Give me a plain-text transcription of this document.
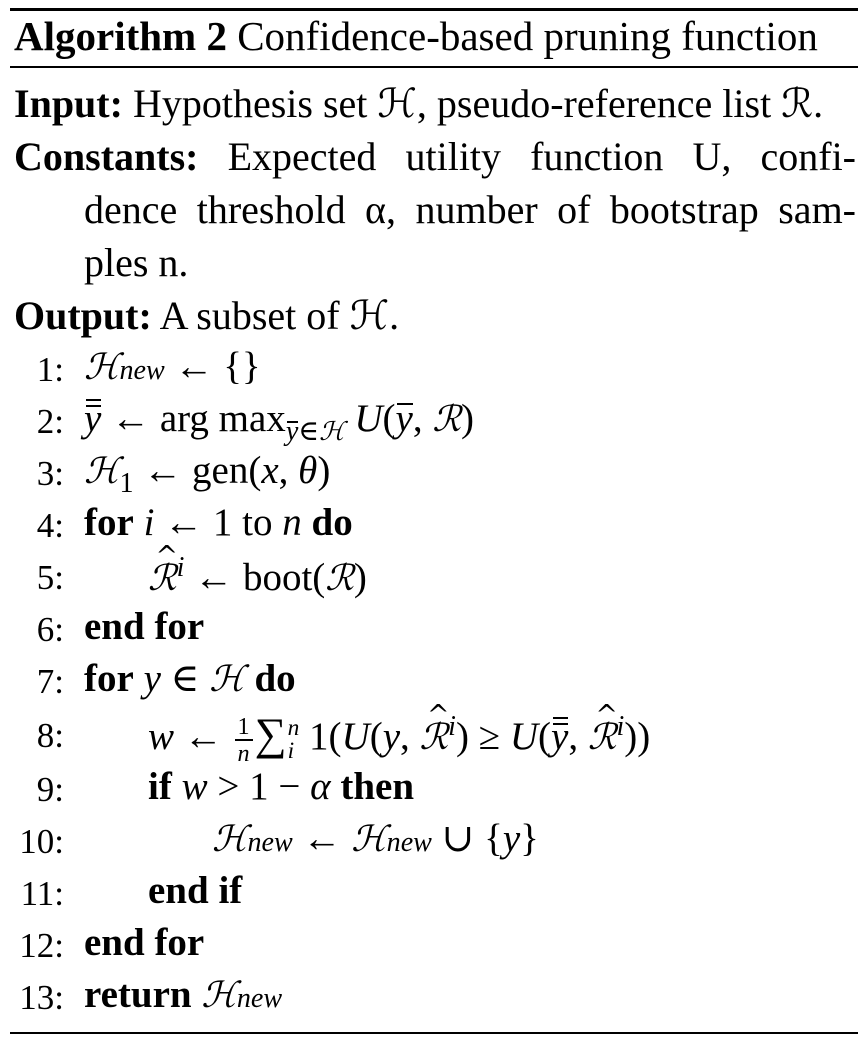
Algorithm 2 Confidence-based pruning function
Input: Hypothesis set ℋ, pseudo-reference list ℛ.
Constants: Expected utility function U, confi-
dence threshold α, number of bootstrap sam-
ples n.
Output: A subset of ℋ.
1: ℋnew ← {}
2: y ← arg $\max_{y\in ℋ} U(y$, ℛ)
3: ℋ$_1$ ← gen(x, θ)
4: for i ← 1 to n do
5:
^ ℛ$^i$ ← boot(ℛ)
6: end for
7: for y ∈ ℋ do
8: w ← $\frac{1}{n}$ ∑ n
i 1(U(y, ^ ℛ$^i$) ≥ U(y, ^ ℛ$^i$))
9: if w > 1 − α then
10:	ℋnew ← ℋnew ∪ {y}
11: end if
12: end for
13: return ℋnew
